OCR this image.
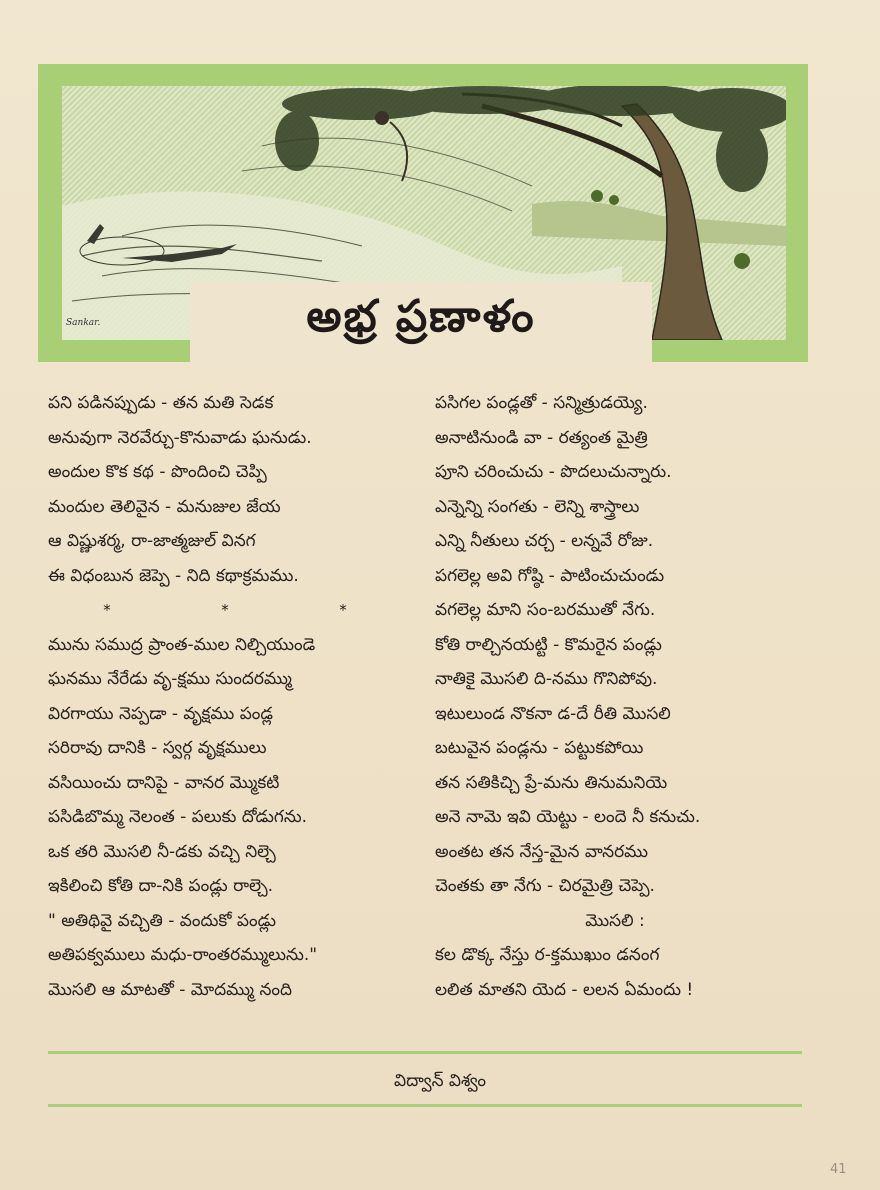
Sankar.	అభ్ర ప్రణాళం
పని పడినప్పుడు - తన మతి సెడక
అనువుగా నెరవేర్చు-కొనువాడు ఘనుడు.
అందుల కొక కథ - పొందించి చెప్పి
మందుల తెలివైన - మనుజుల జేయ
ఆ విష్ణుశర్మ, రా-జాత్మజుల్ వినగ
ఈ విధంబున జెప్పె - నిది కథాక్రమము.
*	*	*
మును సముద్ర ప్రాంత-ముల నిల్చియుండె
ఘనము నేరేడు వృ-క్షము సుందరమ్ము
విరగాయు నెప్పడా - వృక్షము పండ్ల
సరిరావు దానికి - స్వర్గ వృక్షములు
వసియించు దానిపై - వానర మ్మొకటి
పసిడిబొమ్మ నెలంత - పలుకు దోడుగను.
ఒక తరి మొసలి నీ-డకు వచ్చి నిల్చె
ఇకిలించి కోతి దా-నికి పండ్లు రాల్చె.
" అతిథివై వచ్చితి - వందుకో పండ్లు
అతిపక్వములు మధు-రాంతరమ్ములును."
మొసలి ఆ మాటతో - మోదమ్ము నంది
పసిగల పండ్లతో - సన్మిత్రుడయ్యె.
అనాటినుండి వా - రత్యంత మైత్రి
పూని చరించుచు - పొదలుచున్నారు.
ఎన్నెన్ని సంగతు - లెన్ని శాస్త్రాలు
ఎన్ని నీతులు చర్చ - లన్నవే రోజు.
పగలెల్ల అవి గోష్ఠి - పాటించుచుండు
వగలెల్ల మాని సం-బరముతో నేగు.
కోతి రాల్చినయట్టి - కొమరైన పండ్లు
నాతికై మొసలి ది-నము గొనిపోవు.
ఇటులుండ నొకనా డ-దే రీతి మొసలి
బటువైన పండ్లను - పట్టుకపోయి
తన సతికిచ్చి ప్రే-మను తినుమనియె
అనె నామె ఇవి యెట్టు - లందె నీ కనుచు.
అంతట తన నేస్త-మైన వానరము
చెంతకు తా నేగు - చిరమైత్రి చెప్పె.
మొసలి :
కల డొక్క నేస్తు ర-క్తముఖుం డనంగ
లలిత మాతని యెద - లలన ఏమందు !
విద్వాన్ విశ్వం
41
